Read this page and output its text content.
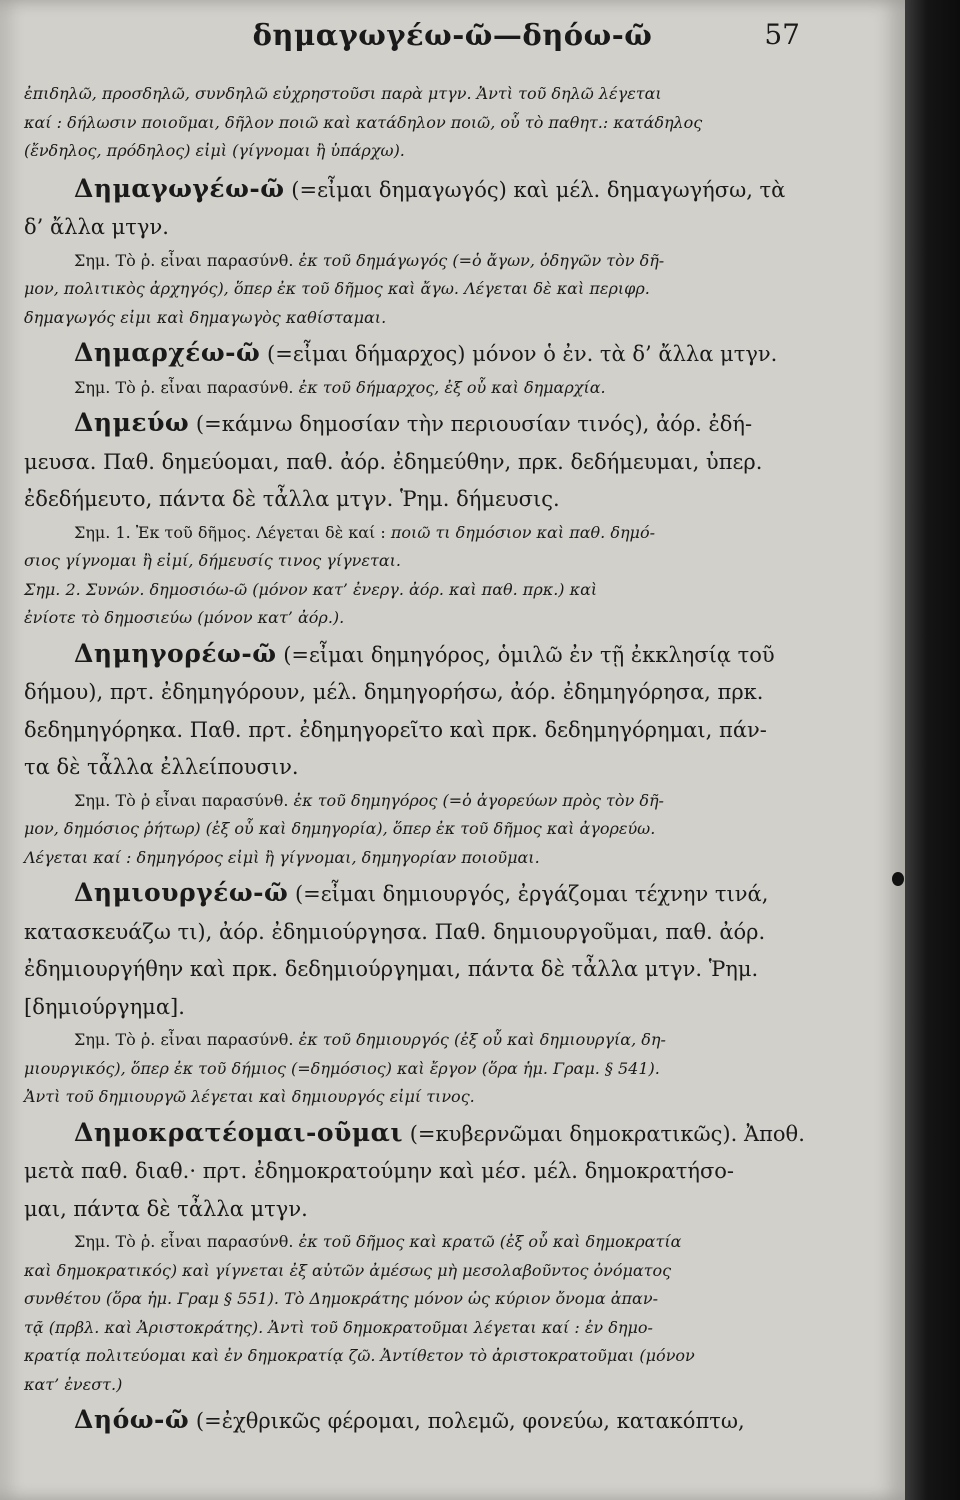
δημαγωγέω-ῶ—δηόω-ῶ	57

ἐπιδηλῶ, προσδηλῶ, συνδηλῶ εὐχρηστοῦσι παρὰ μτγν. Ἀντὶ τοῦ δηλῶ λέγεται
καί : δήλωσιν ποιοῦμαι, δῆλον ποιῶ καὶ κατάδηλον ποιῶ, οὗ τὸ παθητ.: κατάδηλος
(ἔνδηλος, πρόδηλος) εἰμὶ (γίγνομαι ἢ ὑπάρχω).

Δημαγωγέω-ῶ (=εἶμαι δημαγωγός) καὶ μέλ. δημαγωγήσω, τὰ
δ’ ἄλλα μτγν.

Σημ. Τὸ ῥ. εἶναι παρασύνθ. ἐκ τοῦ δημάγωγός (=ὁ ἄγων, ὁδηγῶν τὸν δῆ-
μον, πολιτικὸς ἀρχηγός), ὅπερ ἐκ τοῦ δῆμος καὶ ἄγω. Λέγεται δὲ καὶ περιφρ.
δημαγωγός εἰμι καὶ δημαγωγὸς καθίσταμαι.

Δημαρχέω-ῶ (=εἶμαι δήμαρχος) μόνον ὁ ἐν. τὰ δ’ ἄλλα μτγν.

Σημ. Τὸ ῥ. εἶναι παρασύνθ. ἐκ τοῦ δήμαρχος, ἐξ οὗ καὶ δημαρχία.

Δημεύω (=κάμνω δημοσίαν τὴν περιουσίαν τινός), ἀόρ. ἐδή-
μευσα. Παθ. δημεύομαι, παθ. ἀόρ. ἐδημεύθην, πρκ. δεδήμευμαι, ὑπερ.
ἐδεδήμευτο, πάντα δὲ τἆλλα μτγν. Ῥημ. δήμευσις.

Σημ. 1. Ἐκ τοῦ δῆμος. Λέγεται δὲ καί : ποιῶ τι δημόσιον καὶ παθ. δημό-
σιος γίγνομαι ἢ εἰμί, δήμευσίς τινος γίγνεται.
Σημ. 2. Συνών. δημοσιόω-ῶ (μόνον κατ’ ἐνεργ. ἀόρ. καὶ παθ. πρκ.) καὶ
ἐνίοτε τὸ δημοσιεύω (μόνον κατ’ ἀόρ.).

Δημηγορέω-ῶ (=εἶμαι δημηγόρος, ὁμιλῶ ἐν τῇ ἐκκλησίᾳ τοῦ
δήμου), πρτ. ἐδημηγόρουν, μέλ. δημηγορήσω, ἀόρ. ἐδημηγόρησα, πρκ.
δεδημηγόρηκα. Παθ. πρτ. ἐδημηγορεῖτο καὶ πρκ. δεδημηγόρημαι, πάν-
τα δὲ τἆλλα ἐλλείπουσιν.

Σημ. Τὸ ῥ εἶναι παρασύνθ. ἐκ τοῦ δημηγόρος (=ὁ ἀγορεύων πρὸς τὸν δῆ-
μον, δημόσιος ῥήτωρ) (ἐξ οὗ καὶ δημηγορία), ὅπερ ἐκ τοῦ δῆμος καὶ ἀγορεύω.
Λέγεται καί : δημηγόρος εἰμὶ ἢ γίγνομαι, δημηγορίαν ποιοῦμαι.

Δημιουργέω-ῶ (=εἶμαι δημιουργός, ἐργάζομαι τέχνην τινά,
κατασκευάζω τι), ἀόρ. ἐδημιούργησα. Παθ. δημιουργοῦμαι, παθ. ἀόρ.
ἐδημιουργήθην καὶ πρκ. δεδημιούργημαι, πάντα δὲ τἆλλα μτγν. Ῥημ.
[δημιούργημα].

Σημ. Τὸ ῥ. εἶναι παρασύνθ. ἐκ τοῦ δημιουργός (ἐξ οὗ καὶ δημιουργία, δη-
μιουργικός), ὅπερ ἐκ τοῦ δήμιος (=δημόσιος) καὶ ἔργον (ὅρα ἡμ. Γραμ. § 541).
Ἀντὶ τοῦ δημιουργῶ λέγεται καὶ δημιουργός εἰμί τινος.

Δημοκρατέομαι-οῦμαι (=κυβερνῶμαι δημοκρατικῶς). Ἀποθ.
μετὰ παθ. διαθ.· πρτ. ἐδημοκρατούμην καὶ μέσ. μέλ. δημοκρατήσο-
μαι, πάντα δὲ τἆλλα μτγν.

Σημ. Τὸ ῥ. εἶναι παρασύνθ. ἐκ τοῦ δῆμος καὶ κρατῶ (ἐξ οὗ καὶ δημοκρατία
καὶ δημοκρατικός) καὶ γίγνεται ἐξ αὐτῶν ἀμέσως μὴ μεσολαβοῦντος ὀνόματος
συνθέτου (ὅρα ἡμ. Γραμ § 551). Τὸ Δημοκράτης μόνον ὡς κύριον ὄνομα ἀπαν-
τᾷ (πρβλ. καὶ Ἀριστοκράτης). Ἀντὶ τοῦ δημοκρατοῦμαι λέγεται καί : ἐν δημο-
κρατίᾳ πολιτεύομαι καὶ ἐν δημοκρατίᾳ ζῶ. Ἀντίθετον τὸ ἀριστοκρατοῦμαι (μόνον
κατ’ ἐνεστ.)

Δηόω-ῶ (=ἐχθρικῶς φέρομαι, πολεμῶ, φονεύω, κατακόπτω,
